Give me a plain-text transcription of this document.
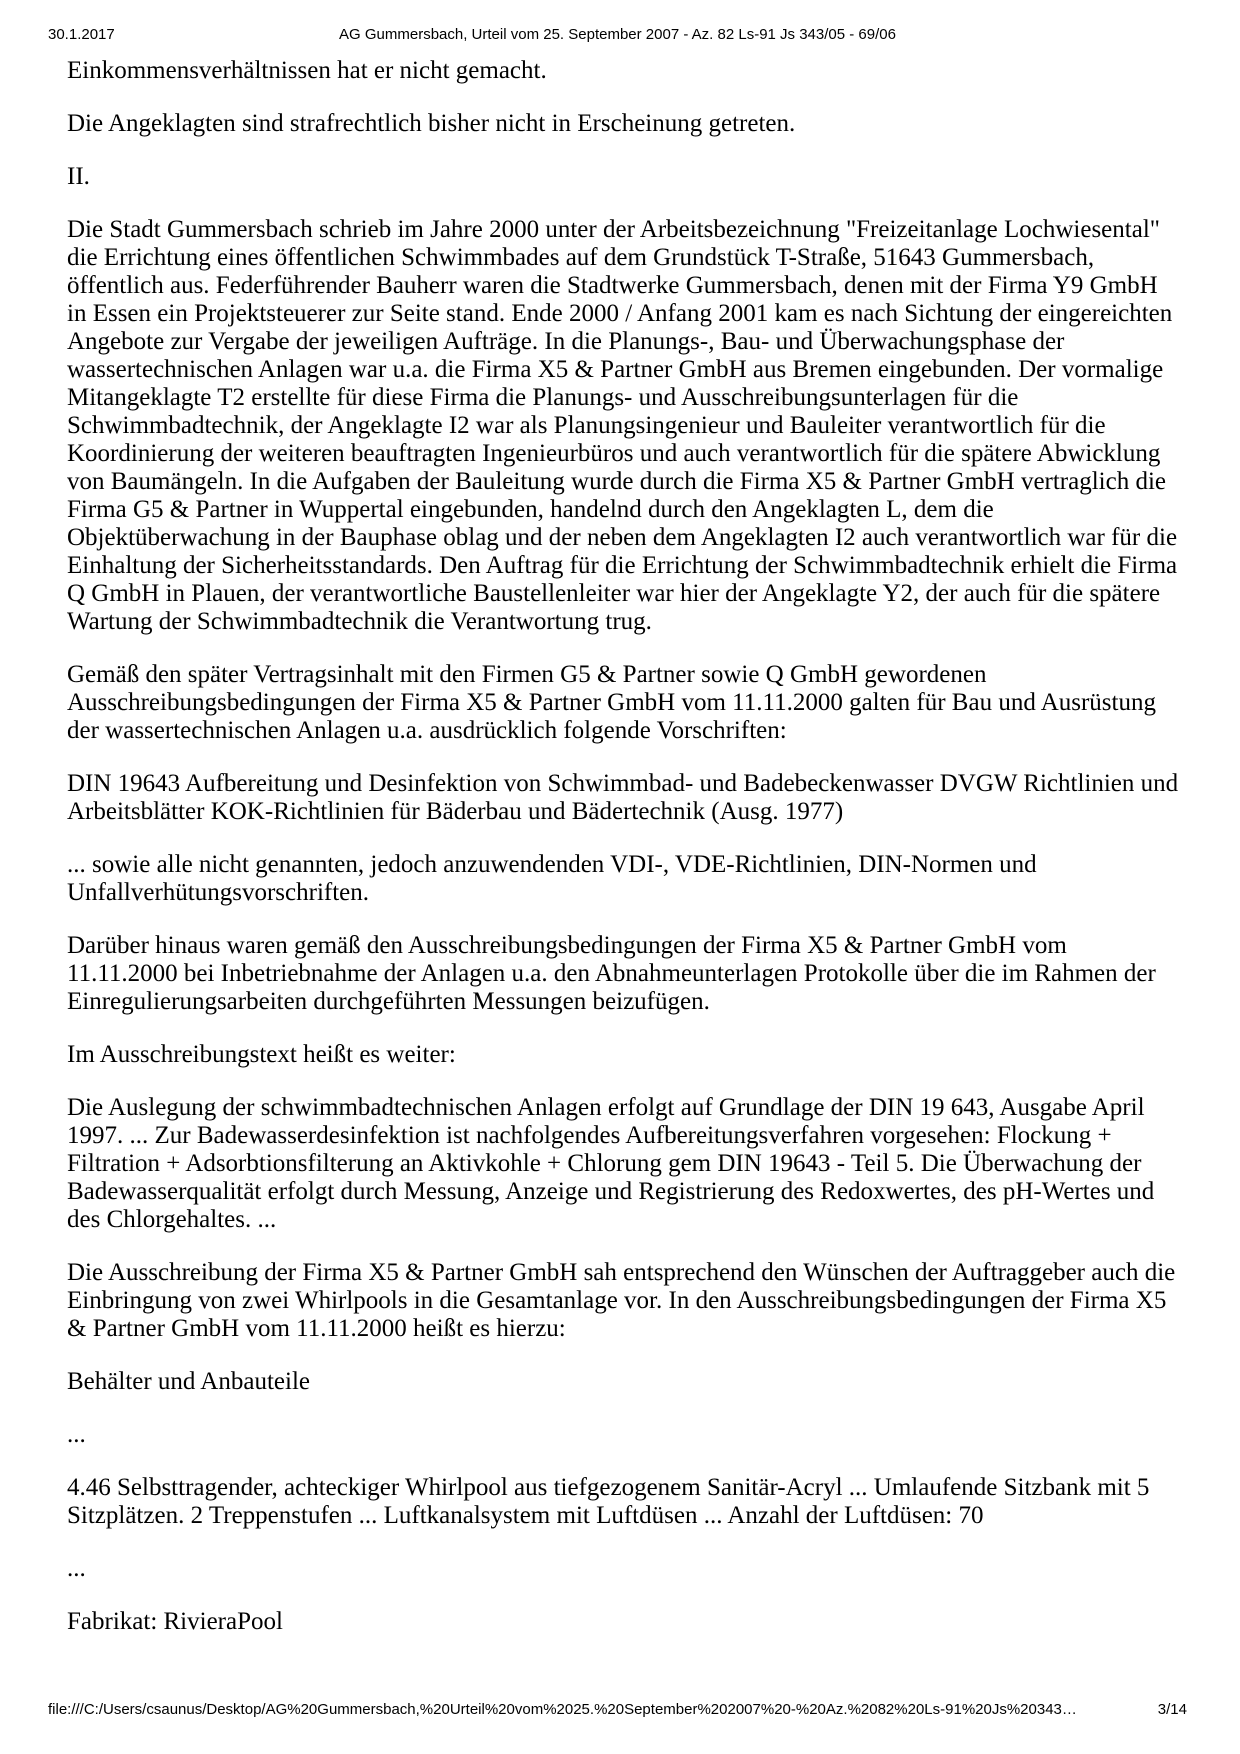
30.1.2017	AG Gummersbach, Urteil vom 25. September 2007 - Az. 82 Ls-91 Js 343/05 - 69/06

Einkommensverhältnissen hat er nicht gemacht.

Die Angeklagten sind strafrechtlich bisher nicht in Erscheinung getreten.

II.

Die Stadt Gummersbach schrieb im Jahre 2000 unter der Arbeitsbezeichnung "Freizeitanlage Lochwiesental" die Errichtung eines öffentlichen Schwimmbades auf dem Grundstück T-Straße, 51643 Gummersbach, öffentlich aus. Federführender Bauherr waren die Stadtwerke Gummersbach, denen mit der Firma Y9 GmbH in Essen ein Projektsteuerer zur Seite stand. Ende 2000 / Anfang 2001 kam es nach Sichtung der eingereichten Angebote zur Vergabe der jeweiligen Aufträge. In die Planungs-, Bau- und Überwachungsphase der wassertechnischen Anlagen war u.a. die Firma X5 & Partner GmbH aus Bremen eingebunden. Der vormalige Mitangeklagte T2 erstellte für diese Firma die Planungs- und Ausschreibungsunterlagen für die Schwimmbadtechnik, der Angeklagte I2 war als Planungsingenieur und Bauleiter verantwortlich für die Koordinierung der weiteren beauftragten Ingenieurbüros und auch verantwortlich für die spätere Abwicklung von Baumängeln. In die Aufgaben der Bauleitung wurde durch die Firma X5 & Partner GmbH vertraglich die Firma G5 & Partner in Wuppertal eingebunden, handelnd durch den Angeklagten L, dem die Objektüberwachung in der Bauphase oblag und der neben dem Angeklagten I2 auch verantwortlich war für die Einhaltung der Sicherheitsstandards. Den Auftrag für die Errichtung der Schwimmbadtechnik erhielt die Firma Q GmbH in Plauen, der verantwortliche Baustellenleiter war hier der Angeklagte Y2, der auch für die spätere Wartung der Schwimmbadtechnik die Verantwortung trug.

Gemäß den später Vertragsinhalt mit den Firmen G5 & Partner sowie Q GmbH gewordenen Ausschreibungsbedingungen der Firma X5 & Partner GmbH vom 11.11.2000 galten für Bau und Ausrüstung der wassertechnischen Anlagen u.a. ausdrücklich folgende Vorschriften:

DIN 19643 Aufbereitung und Desinfektion von Schwimmbad- und Badebeckenwasser DVGW Richtlinien und Arbeitsblätter KOK-Richtlinien für Bäderbau und Bädertechnik (Ausg. 1977)

... sowie alle nicht genannten, jedoch anzuwendenden VDI-, VDE-Richtlinien, DIN-Normen und Unfallverhütungsvorschriften.

Darüber hinaus waren gemäß den Ausschreibungsbedingungen der Firma X5 & Partner GmbH vom 11.11.2000 bei Inbetriebnahme der Anlagen u.a. den Abnahmeunterlagen Protokolle über die im Rahmen der Einregulierungsarbeiten durchgeführten Messungen beizufügen.

Im Ausschreibungstext heißt es weiter:

Die Auslegung der schwimmbadtechnischen Anlagen erfolgt auf Grundlage der DIN 19 643, Ausgabe April 1997. ... Zur Badewasserdesinfektion ist nachfolgendes Aufbereitungsverfahren vorgesehen: Flockung + Filtration + Adsorbtionsfilterung an Aktivkohle + Chlorung gem DIN 19643 - Teil 5. Die Überwachung der Badewasserqualität erfolgt durch Messung, Anzeige und Registrierung des Redoxwertes, des pH-Wertes und des Chlorgehaltes. ...

Die Ausschreibung der Firma X5 & Partner GmbH sah entsprechend den Wünschen der Auftraggeber auch die Einbringung von zwei Whirlpools in die Gesamtanlage vor. In den Ausschreibungsbedingungen der Firma X5 & Partner GmbH vom 11.11.2000 heißt es hierzu:

Behälter und Anbauteile

...

4.46 Selbsttragender, achteckiger Whirlpool aus tiefgezogenem Sanitär-Acryl ... Umlaufende Sitzbank mit 5 Sitzplätzen. 2 Treppenstufen ... Luftkanalsystem mit Luftdüsen ... Anzahl der Luftdüsen: 70

...

Fabrikat: RivieraPool

file:///C:/Users/csaunus/Desktop/AG%20Gummersbach,%20Urteil%20vom%2025.%20September%202007%20-%20Az.%2082%20Ls-91%20Js%20343…	3/14
